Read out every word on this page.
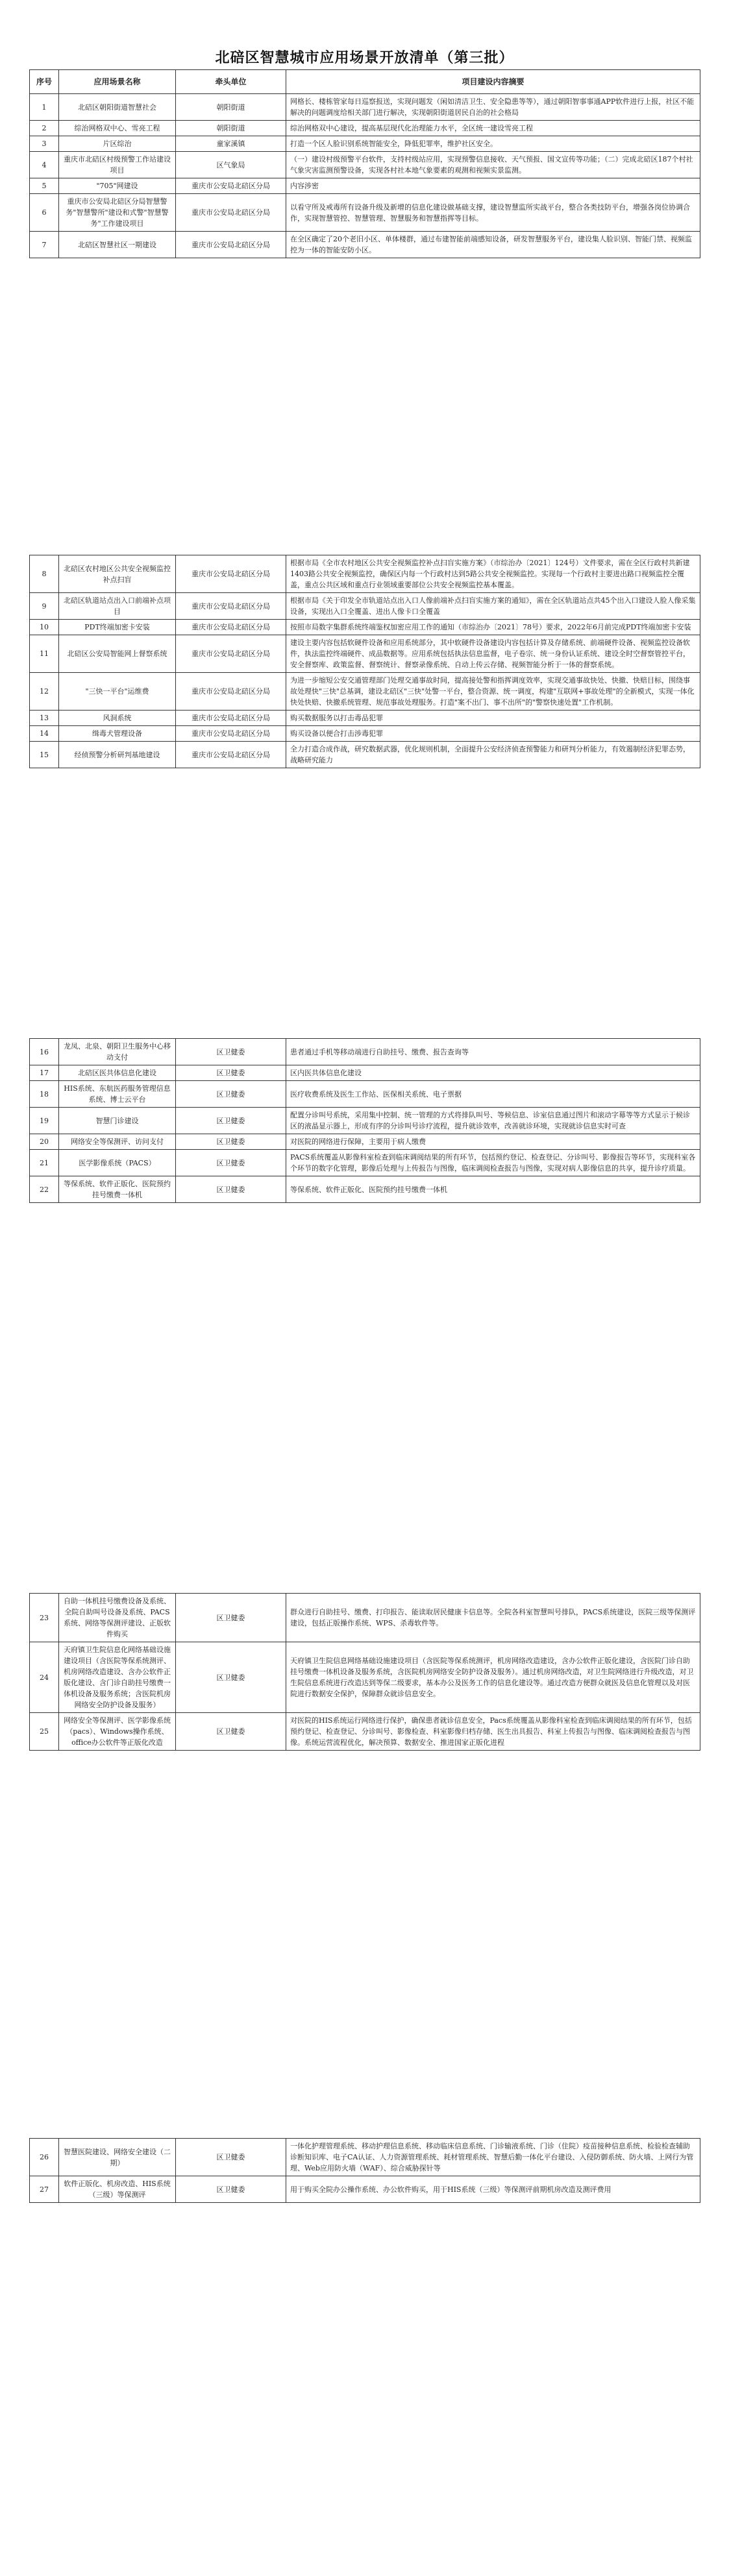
北碚区智慧城市应用场景开放清单（第三批）
序号	应用场景名称	牵头单位	项目建设内容摘要
1	北碚区朝阳街道智慧社会	朝阳街道	网格长、楼栋管家每日巡察报送，实现问题发（闲如清洁卫生、安全隐患等等），通过朝阳智事事通APP软件进行上报，社区不能解决的问题调度给相关部门进行解决，实现朝阳街道居民自治的社会格局
2	综治网格双中心、雪亮工程	朝阳街道	综治网格双中心建设，提高基层现代化治理能力水平，全区统一建设雪亮工程
3	片区综治	童家溪镇	打造一个区人脸识别系统智能安全，降低犯罪率，维护社区安全。
4	重庆市北碚区村级预警工作站建设项目	区气象局	（一）建设村级预警平台软件，支持村级站应用，实现预警信息接收、天气预报、国文宣传等功能；（二）完成北碚区187个村社气象灾害监测预警设备，实现各村社本地气象要素的观测和视频实景监测。
5	"705"网建设	重庆市公安局北碚区分局	内容涉密
6	重庆市公安局北碚区分局智慧警务"智慧警所"建设和式警"智慧警务"工作建设项目	重庆市公安局北碚区分局	以看守所及戒毒所有设备升级及新增的信息化建设做基础支撑，建设智慧监所实战平台，整合各类技防平台，增强各岗位协调合作，实现智慧管控、智慧管理、智慧服务和智慧指挥等目标。
7	北碚区智慧社区一期建设	重庆市公安局北碚区分局	在全区确定了20个老旧小区、单体楼群，通过布建智能前端感知设备，研发智慧服务平台，建设集人脸识别、智能门禁、视频监控为一体的智能安防小区。
8	北碚区农村地区公共安全视频监控补点扫盲	重庆市公安局北碚区分局	根据市局《全市农村地区公共安全视频监控补点扫盲实施方案》（市综治办〔2021〕124号）文件要求，需在全区行政村共新建1403路公共安全视频监控，确保区内每一个行政村达到5路公共安全视频监控。实现每一个行政村主要进出路口视频监控全覆盖，重点公共区域和重点行业领域重要部位公共安全视频监控基本覆盖。
9	北碚区轨道站点出入口前端补点项目	重庆市公安局北碚区分局	根据市局《关于印发全市轨道站点出入口人像前端补点扫盲实施方案的通知》，需在全区轨道站点共45个出入口建设人脸人像采集设备，实现出入口全覆盖、进出人像卡口全覆盖
10	PDT终端加密卡安装	重庆市公安局北碚区分局	按照市局数字集群系统终端鉴权加密应用工作的通知（市综治办〔2021〕78号）要求，2022年6月前完成PDT终端加密卡安装
11	北碚区公安局智能网上督察系统	重庆市公安局北碚区分局	建设主要内容包括软硬件设备和应用系统部分，其中软硬件设备建设内容包括计算及存储系统、前端硬件设备、视频监控设备软件，执法监控终端硬件、成品数据等。应用系统包括执法信息监督，电子卷宗、统一身份认证系统、建设全时空督察管控平台，安全督察库、政策监督、督察统计、督察录像系统、自动上传云存储、视频智能分析于一体的督察系统。
12	"三快一平台"运维费	重庆市公安局北碚区分局	为进一步缩短公安交通管理部门处理交通事故时间，提高接处警和指挥调度效率，实现交通事故快处、快撤、快赔目标，围绕事故处理快"三快"总基调，建设北碚区"三快"处警一平台，整合资源、统一调度，构建"互联网+事故处理"的全新模式，实现一体化快处快赔、快撤系统管理、规范事故处理服务。打造"案不出门、事不出所"的"警察快速处置"工作机制。
13	风洞系统	重庆市公安局北碚区分局	购买数据服务以打击毒品犯罪
14	缉毒犬管理设备	重庆市公安局北碚区分局	购买设备以便合打击涉毒犯罪
15	经侦预警分析研判基地建设	重庆市公安局北碚区分局	全力打造合成作战，研究数据武器，优化规则机制，全面提升公安经济侦查预警能力和研判分析能力，有效遏制经济犯罪态势，战略研究能力
16	龙凤、北泉、朝阳卫生服务中心移动支付	区卫健委	患者通过手机等移动端进行自助挂号、缴费、报告查询等
17	北碚区医共体信息化建设	区卫健委	区内医共体信息化建设
18	HIS系统、东航医药服务管理信息系统、博士云平台	区卫健委	医疗收费系统及医生工作站、医保相关系统、电子票据
19	智慧门诊建设	区卫健委	配置分诊叫号系统，采用集中控制、统一管理的方式将排队叫号、等候信息、诊室信息通过图片和滚动字幕等等方式显示于候诊区的液晶显示器上，形成有序的分诊叫号诊疗流程，提升就诊效率，改善就诊环境，实现就诊信息实时可查
20	网络安全等保测评、访问支付	区卫健委	对医院的网络进行保障，主要用于病人缴费
21	医学影像系统（PACS）	区卫健委	PACS系统覆盖从影像科室检查到临床调阅结果的所有环节，包括预约登记、检查登记、分诊叫号、影像报告等环节，实现科室各个环节的数字化管理，影像后处理与上传报告与图像，临床调阅检查报告与图像，实现对病人影像信息的共享，提升诊疗质量。
22	等保系统、软件正版化、医院预约挂号缴费一体机	区卫健委	等保系统、软件正版化、医院预约挂号缴费一体机
23	自助一体机挂号缴费设备及系统、全院自助叫号设备及系统、PACS系统、网络等保测评建设、正版软件购买	区卫健委	群众进行自助挂号、缴费、打印报告、能读取居民健康卡信息等。全院各科室智慧叫号排队，PACS系统建设，医院三级等保测评建设，包括正版操作系统、WPS、杀毒软件等。
24	天府镇卫生院信息化网络基础设施建设项目（含医院等保系统测评、机房网络改造建设、含办公软件正版化建设、含门诊自助挂号缴费一体机设备及服务系统；含医院机房网络安全防护设备及服务）	区卫健委	天府镇卫生院信息网络基础设施建设项目（含医院等保系统测评，机房网络改造建设，含办公软件正版化建设，含医院门诊自助挂号缴费一体机设备及服务系统，含医院机房网络安全防护设备及服务）。通过机房网络改造，对卫生院网络进行升级改造，对卫生院信息系统进行改造达到等保二级要求，基本办公及医务工作的信息化建设等。通过改造方便群众就医及信息化管理以及对医院进行数据安全保护，保障群众就诊信息安全。
25	网络安全等保测评、医学影像系统（pacs）、Windows操作系统、office办公软件等正版化改造	区卫健委	对医院的HIS系统运行网络进行保护，确保患者就诊信息安全，Pacs系统覆盖从影像科室检查到临床调阅结果的所有环节，包括预约登记、检查登记、分诊叫号、影像检查、科室影像归档存储、医生出具报告、科室上传报告与图像、临床调阅检查报告与图像。系统运营流程优化，解决预算、数据安全、推进国家正版化进程
26	智慧医院建设、网络安全建设（二期）	区卫健委	一体化护理管理系统、移动护理信息系统、移动临床信息系统、门诊输液系统、门诊（住院）疫苗接种信息系统、检验检查辅助诊断知识库、电子CA认证、人力资源管理系统、耗材管理系统、智慧后勤一体化平台建设、入侵防御系统、防火墙、上网行为管理、Web应用防火墙（WAF）、综合威胁探针等
27	软件正版化、机房改造、HIS系统（三级）等保测评	区卫健委	用于购买全院办公操作系统、办公软件购买，用于HIS系统（三级）等保测评前期机房改造及测评费用
